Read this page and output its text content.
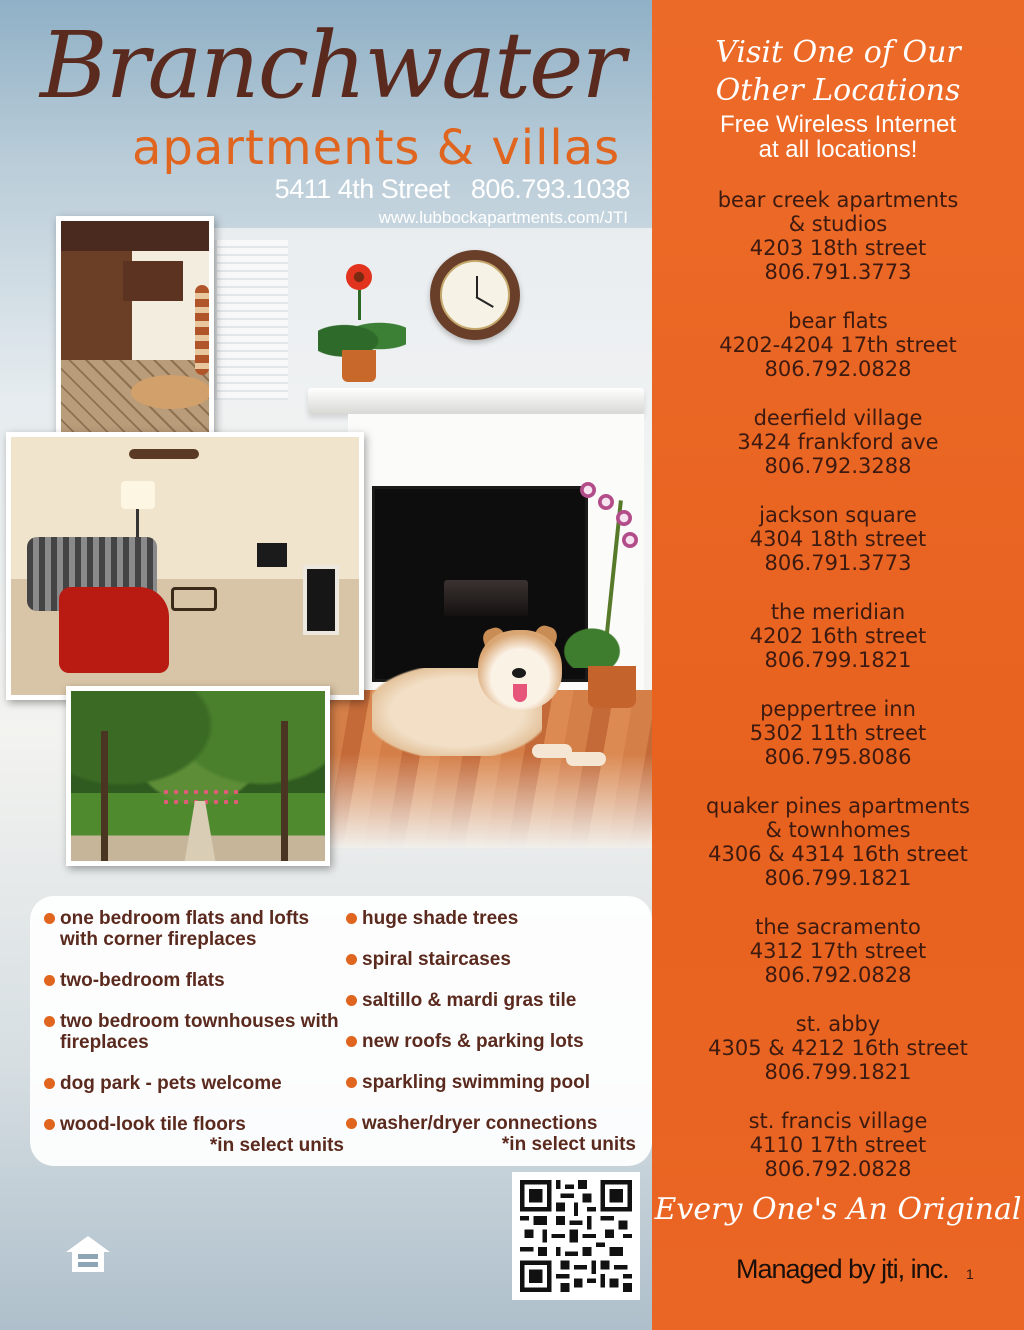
Branchwater
apartments & villas
5411 4th Street 806.793.1038
www.lubbockapartments.com/JTI
one bedroom flats and lofts with corner fireplaces
two-bedroom flats
two bedroom townhouses with fireplaces
dog park - pets welcome
wood-look tile floors
*in select units
huge shade trees
spiral staircases
saltillo & mardi gras tile
new roofs & parking lots
sparkling swimming pool
washer/dryer connections
*in select units
Visit One of Our
Other Locations
Free Wireless Internet
at all locations!
bear creek apartments
& studios
4203 18th street
806.791.3773
bear flats
4202-4204 17th street
806.792.0828
deerfield village
3424 frankford ave
806.792.3288
jackson square
4304 18th street
806.791.3773
the meridian
4202 16th street
806.799.1821
peppertree inn
5302 11th street
806.795.8086
quaker pines apartments
& townhomes
4306 & 4314 16th street
806.799.1821
the sacramento
4312 17th street
806.792.0828
st. abby
4305 & 4212 16th street
806.799.1821
st. francis village
4110 17th street
806.792.0828
Every One's An Original
Managed by jti, inc. 1
